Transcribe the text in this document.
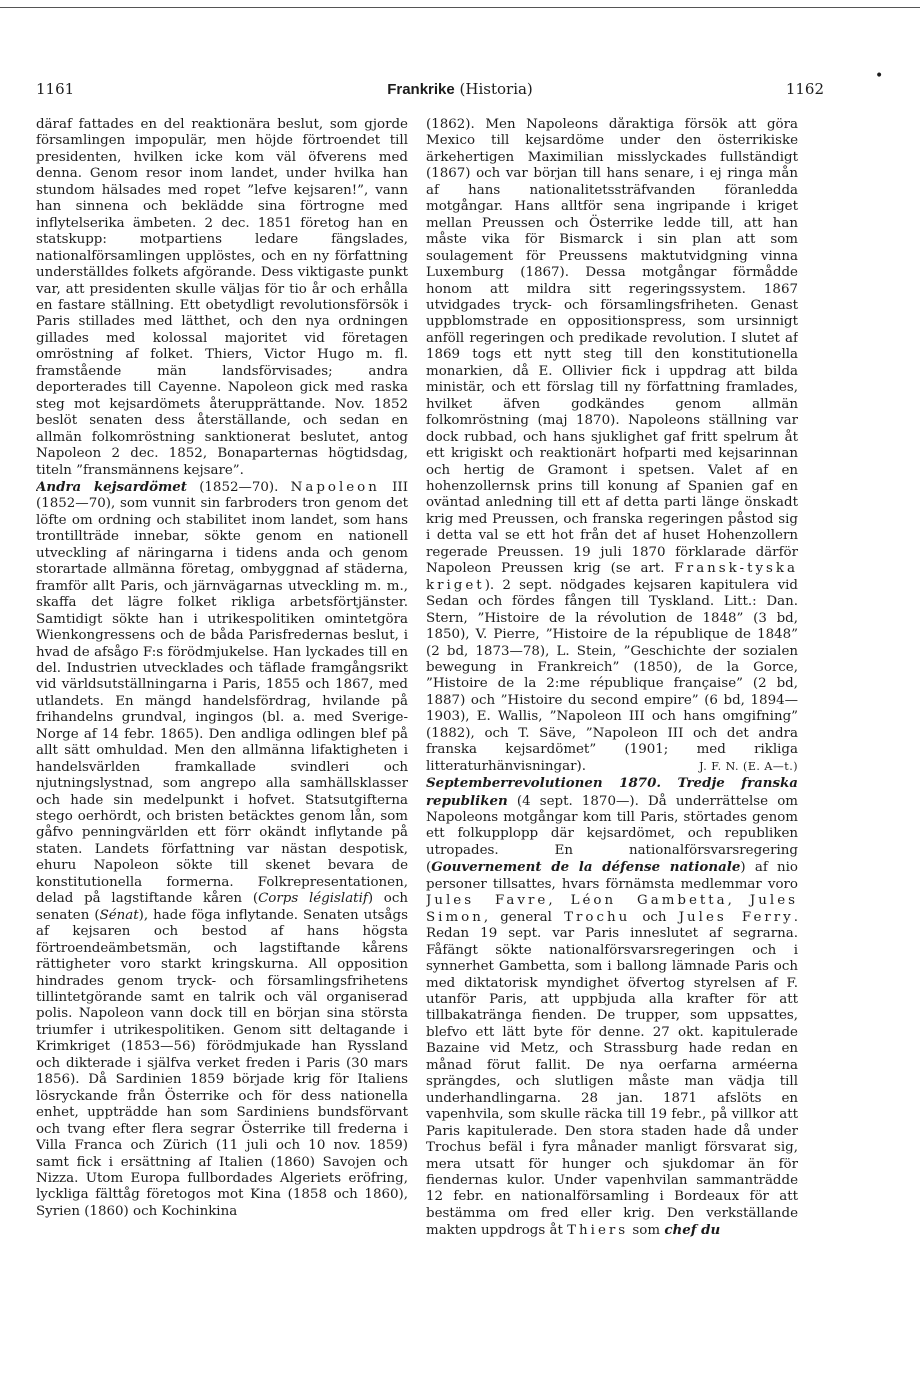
•
1161	Frankrike (Historia)	1162

däraf fattades en del reaktionära beslut, som gjorde församlingen impopulär, men höjde förtroendet till presidenten, hvilken icke kom väl öfverens med denna. Genom resor inom landet, under hvilka han stundom hälsades med ropet ”lefve kejsaren!”, vann han sinnena och beklädde sina förtrogne med inflytelserika ämbeten. 2 dec. 1851 företog han en statskupp: motpartiens ledare fängslades, nationalförsamlingen upplöstes, och en ny författning underställdes folkets afgörande. Dess viktigaste punkt var, att presidenten skulle väljas för tio år och erhålla en fastare ställning. Ett obetydligt revolutionsförsök i Paris stillades med lätthet, och den nya ordningen gillades med kolossal majoritet vid företagen omröstning af folket. Thiers, Victor Hugo m. fl. framstående män landsförvisades; andra deporterades till Cayenne. Napoleon gick med raska steg mot kejsardömets återupprättande. Nov. 1852 beslöt senaten dess återställande, och sedan en allmän folkomröstning sanktionerat beslutet, antog Napoleon 2 dec. 1852, Bonaparternas högtidsdag, titeln ”fransmännens kejsare”.

Andra kejsardömet (1852—70). Napoleon III (1852—70), som vunnit sin farbroders tron genom det löfte om ordning och stabilitet inom landet, som hans trontillträde innebar, sökte genom en nationell utveckling af näringarna i tidens anda och genom storartade allmänna företag, ombyggnad af städerna, framför allt Paris, och järnvägarnas utveckling m. m., skaffa det lägre folket rikliga arbetsförtjänster. Samtidigt sökte han i utrikespolitiken omintetgöra Wienkongressens och de båda Parisfredernas beslut, i hvad de afsågo F:s förödmjukelse. Han lyckades till en del. Industrien utvecklades och täflade framgångsrikt vid världsutställningarna i Paris, 1855 och 1867, med utlandets. En mängd handelsfördrag, hvilande på frihandelns grundval, ingingos (bl. a. med Sverige-Norge af 14 febr. 1865). Den andliga odlingen blef på allt sätt omhuldad. Men den allmänna lifaktigheten i handelsvärlden framkallade svindleri och njutningslystnad, som angrepo alla samhällsklasser och hade sin medelpunkt i hofvet. Statsutgifterna stego oerhördt, och bristen betäcktes genom lån, som gåfvo penningvärlden ett förr okändt inflytande på staten. Landets författning var nästan despotisk, ehuru Napoleon sökte till skenet bevara de konstitutionella formerna. Folkrepresentationen, delad på lagstiftande kåren (Corps législatif) och senaten (Sénat), hade föga inflytande. Senaten utsågs af kejsaren och bestod af hans högsta förtroendeämbetsmän, och lagstiftande kårens rättigheter voro starkt kringskurna. All opposition hindrades genom tryck- och församlingsfrihetens tillintetgörande samt en talrik och väl organiserad polis. Napoleon vann dock till en början sina största triumfer i utrikespolitiken. Genom sitt deltagande i Krimkriget (1853—56) förödmjukade han Ryssland och dikterade i själfva verket freden i Paris (30 mars 1856). Då Sardinien 1859 började krig för Italiens lösryckande från Österrike och för dess nationella enhet, uppträdde han som Sardiniens bundsförvant och tvang efter flera segrar Österrike till frederna i Villa Franca och Zürich (11 juli och 10 nov. 1859) samt fick i ersättning af Italien (1860) Savojen och Nizza. Utom Europa fullbordades Algeriets eröfring, lyckliga fälttåg företogos mot Kina (1858 och 1860), Syrien (1860) och Kochinkina

(1862). Men Napoleons dåraktiga försök att göra Mexico till kejsardöme under den österrikiske ärkehertigen Maximilian misslyckades fullständigt (1867) och var början till hans senare, i ej ringa mån af hans nationalitetssträfvanden föranledda motgångar. Hans alltför sena ingripande i kriget mellan Preussen och Österrike ledde till, att han måste vika för Bismarck i sin plan att som soulagement för Preussens maktutvidgning vinna Luxemburg (1867). Dessa motgångar förmådde honom att mildra sitt regeringssystem. 1867 utvidgades tryck- och församlingsfriheten. Genast uppblomstrade en oppositionspress, som ursinnigt anföll regeringen och predikade revolution. I slutet af 1869 togs ett nytt steg till den konstitutionella monarkien, då E. Ollivier fick i uppdrag att bilda ministär, och ett förslag till ny författning framlades, hvilket äfven godkändes genom allmän folkomröstning (maj 1870). Napoleons ställning var dock rubbad, och hans sjuklighet gaf fritt spelrum åt ett krigiskt och reaktionärt hofparti med kejsarinnan och hertig de Gramont i spetsen. Valet af en hohenzollernsk prins till konung af Spanien gaf en oväntad anledning till ett af detta parti länge önskadt krig med Preussen, och franska regeringen påstod sig i detta val se ett hot från det af huset Hohenzollern regerade Preussen. 19 juli 1870 förklarade därför Napoleon Preussen krig (se art. Fransk-tyska kriget). 2 sept. nödgades kejsaren kapitulera vid Sedan och fördes fången till Tyskland. Litt.: Dan. Stern, ”Histoire de la révolution de 1848” (3 bd, 1850), V. Pierre, ”Histoire de la république de 1848” (2 bd, 1873—78), L. Stein, ”Geschichte der sozialen bewegung in Frankreich” (1850), de la Gorce, ”Histoire de la 2:me république française” (2 bd, 1887) och ”Histoire du second empire” (6 bd, 1894—1903), E. Wallis, ”Napoleon III och hans omgifning” (1882), och T. Säve, ”Napoleon III och det andra franska kejsardömet” (1901; med rikliga litteraturhänvisningar).	J. F. N. (E. A—t.)

Septemberrevolutionen 1870. Tredje franska republiken (4 sept. 1870—). Då underrättelse om Napoleons motgångar kom till Paris, störtades genom ett folkupplopp där kejsardömet, och republiken utropades. En nationalförsvarsregering (Gouvernement de la défense nationale) af nio personer tillsattes, hvars förnämsta medlemmar voro Jules Favre, Léon Gambetta, Jules Simon, general Trochu och Jules Ferry. Redan 19 sept. var Paris inneslutet af segrarna. Fåfängt sökte nationalförsvarsregeringen och i synnerhet Gambetta, som i ballong lämnade Paris och med diktatorisk myndighet öfvertog styrelsen af F. utanför Paris, att uppbjuda alla krafter för att tillbakatränga fienden. De trupper, som uppsattes, blefvo ett lätt byte för denne. 27 okt. kapitulerade Bazaine vid Metz, och Strassburg hade redan en månad förut fallit. De nya oerfarna arméerna sprängdes, och slutligen måste man vädja till underhandlingarna. 28 jan. 1871 afslöts en vapenhvila, som skulle räcka till 19 febr., på villkor att Paris kapitulerade. Den stora staden hade då under Trochus befäl i fyra månader manligt försvarat sig, mera utsatt för hunger och sjukdomar än för fiendernas kulor. Under vapenhvilan sammanträdde 12 febr. en nationalförsamling i Bordeaux för att bestämma om fred eller krig. Den verkställande makten uppdrogs åt Thiers som chef du
